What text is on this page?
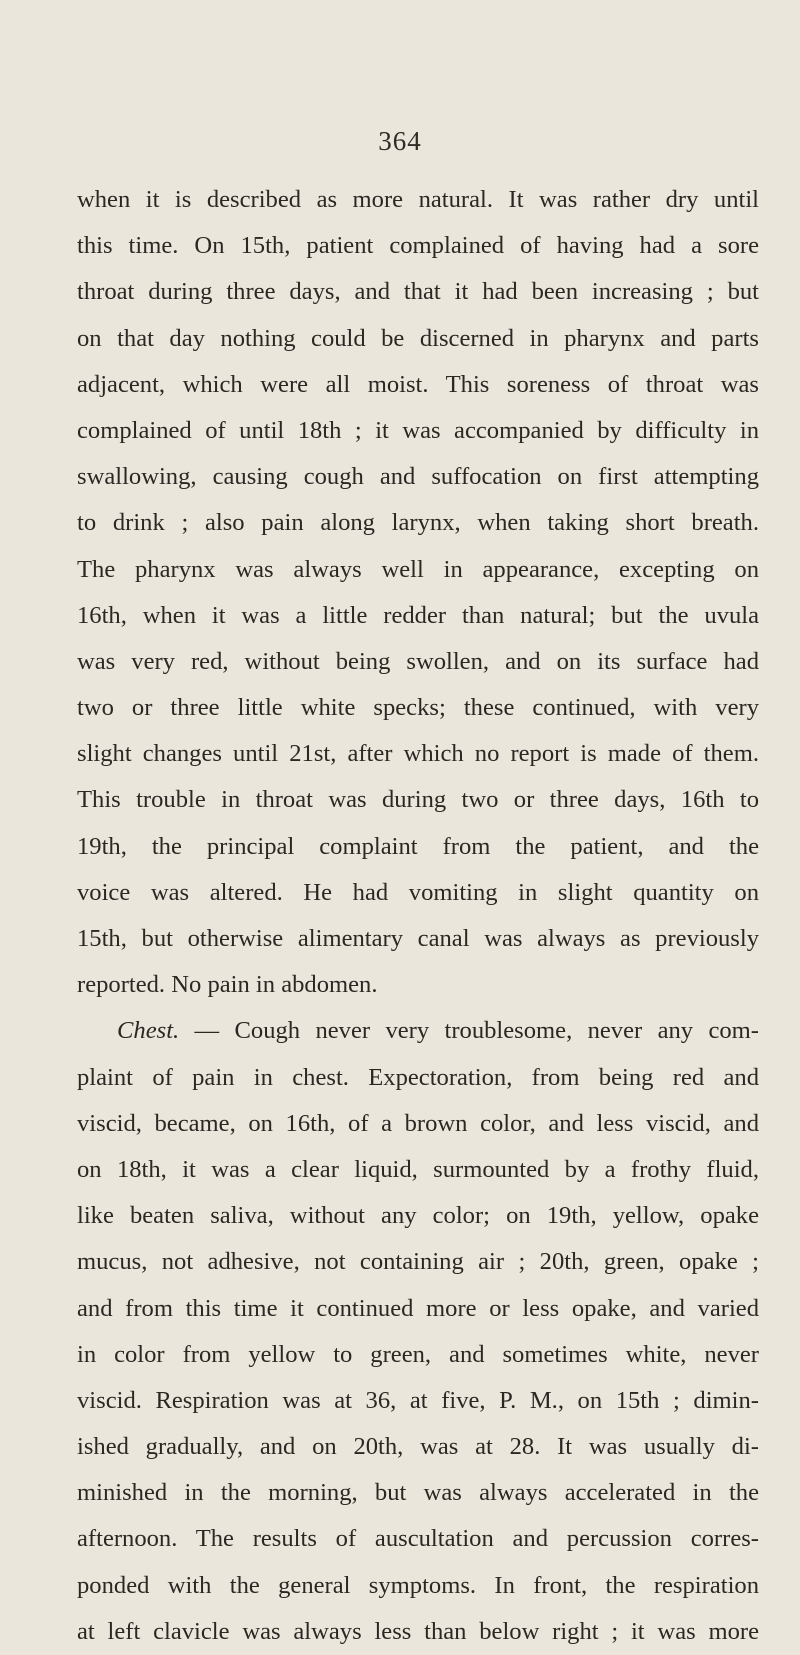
364
when it is described as more natural. It was rather dry until
this time. On 15th, patient complained of having had a sore
throat during three days, and that it had been increasing ; but
on that day nothing could be discerned in pharynx and parts
adjacent, which were all moist. This soreness of throat was
complained of until 18th ; it was accompanied by difficulty in
swallowing, causing cough and suffocation on first attempting
to drink ; also pain along larynx, when taking short breath.
The pharynx was always well in appearance, excepting on
16th, when it was a little redder than natural; but the uvula
was very red, without being swollen, and on its surface had
two or three little white specks; these continued, with very
slight changes until 21st, after which no report is made of them.
This trouble in throat was during two or three days, 16th to
19th, the principal complaint from the patient, and the
voice was altered. He had vomiting in slight quantity on
15th, but otherwise alimentary canal was always as previously
reported. No pain in abdomen.
Chest. — Cough never very troublesome, never any com-
plaint of pain in chest. Expectoration, from being red and
viscid, became, on 16th, of a brown color, and less viscid, and
on 18th, it was a clear liquid, surmounted by a frothy fluid,
like beaten saliva, without any color; on 19th, yellow, opake
mucus, not adhesive, not containing air ; 20th, green, opake ;
and from this time it continued more or less opake, and varied
in color from yellow to green, and sometimes white, never
viscid. Respiration was at 36, at five, P. M., on 15th ; dimin-
ished gradually, and on 20th, was at 28. It was usually di-
minished in the morning, but was always accelerated in the
afternoon. The results of auscultation and percussion corres-
ponded with the general symptoms. In front, the respiration
at left clavicle was always less than below right ; it was more
